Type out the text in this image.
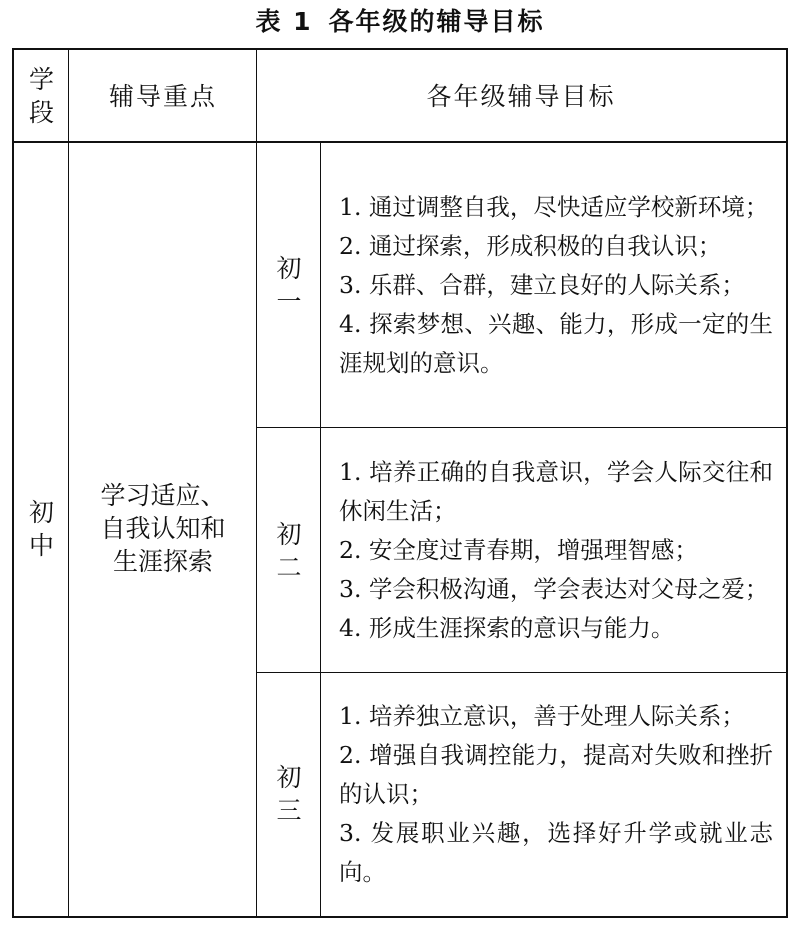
表 1 各年级的辅导目标
学
段
辅导重点	各年级辅导目标
初
中
学习适应、
自我认知和
生涯探索
初
一
初
二
初
三

1. 通过调整自我，尽快适应学校新环境；

2. 通过探索，形成积极的自我认识；

3. 乐群、合群，建立良好的人际关系；

4. 探索梦想、兴趣、能力，形成一定的生涯规划的意识。

1. 培养正确的自我意识，学会人际交往和休闲生活；

2. 安全度过青春期，增强理智感；

3. 学会积极沟通，学会表达对父母之爱；

4. 形成生涯探索的意识与能力。

1. 培养独立意识，善于处理人际关系；

2. 增强自我调控能力，提高对失败和挫折的认识；

3. 发展职业兴趣，选择好升学或就业志向。
